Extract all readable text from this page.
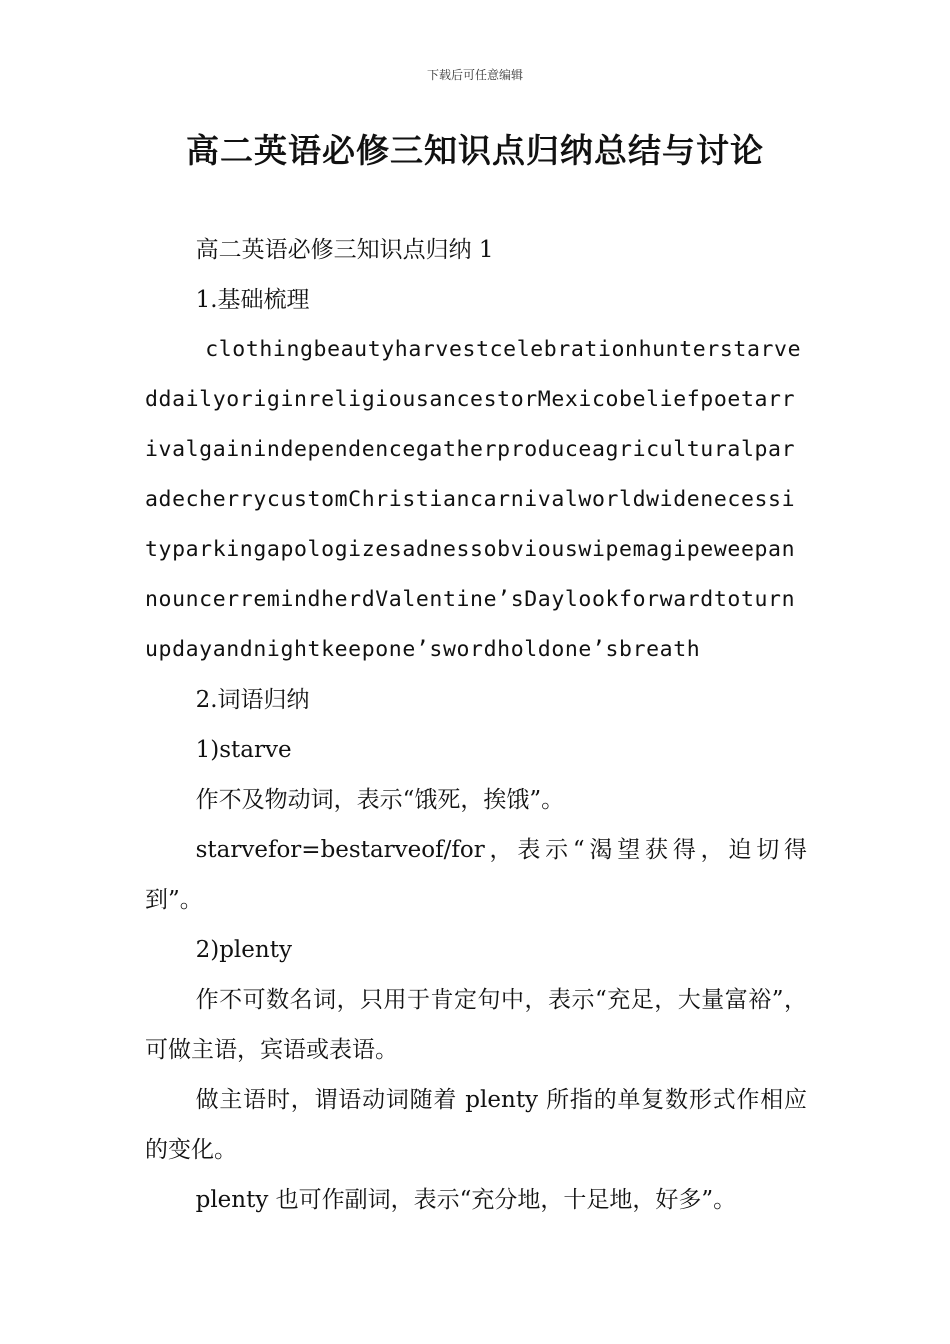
下载后可任意编辑
高二英语必修三知识点归纳总结与讨论

高二英语必修三知识点归纳 1

1.基础梳理

clothingbeautyharvestcelebrationhunterstarveddailyoriginreligiousancestorMexicobeliefpoetarrivalgainindependencegatherproduceagriculturalparadecherrycustomChristiancarnivalworldwidenecessityparkingapologizesadnessobviouswipemagipeweepannouncerremindherdValentine’sDaylookforwardtoturnupdayandnightkeepone’swordholdone’sbreath

2.词语归纳

1)starve

作不及物动词，表示“饿死，挨饿”。

starvefor=bestarveof/for，表示“渴望获得，迫切得到”。

2)plenty

作不可数名词，只用于肯定句中，表示“充足，大量富裕”，可做主语，宾语或表语。

做主语时，谓语动词随着 plenty 所指的单复数形式作相应的变化。

plenty 也可作副词，表示“充分地，十足地，好多”。
